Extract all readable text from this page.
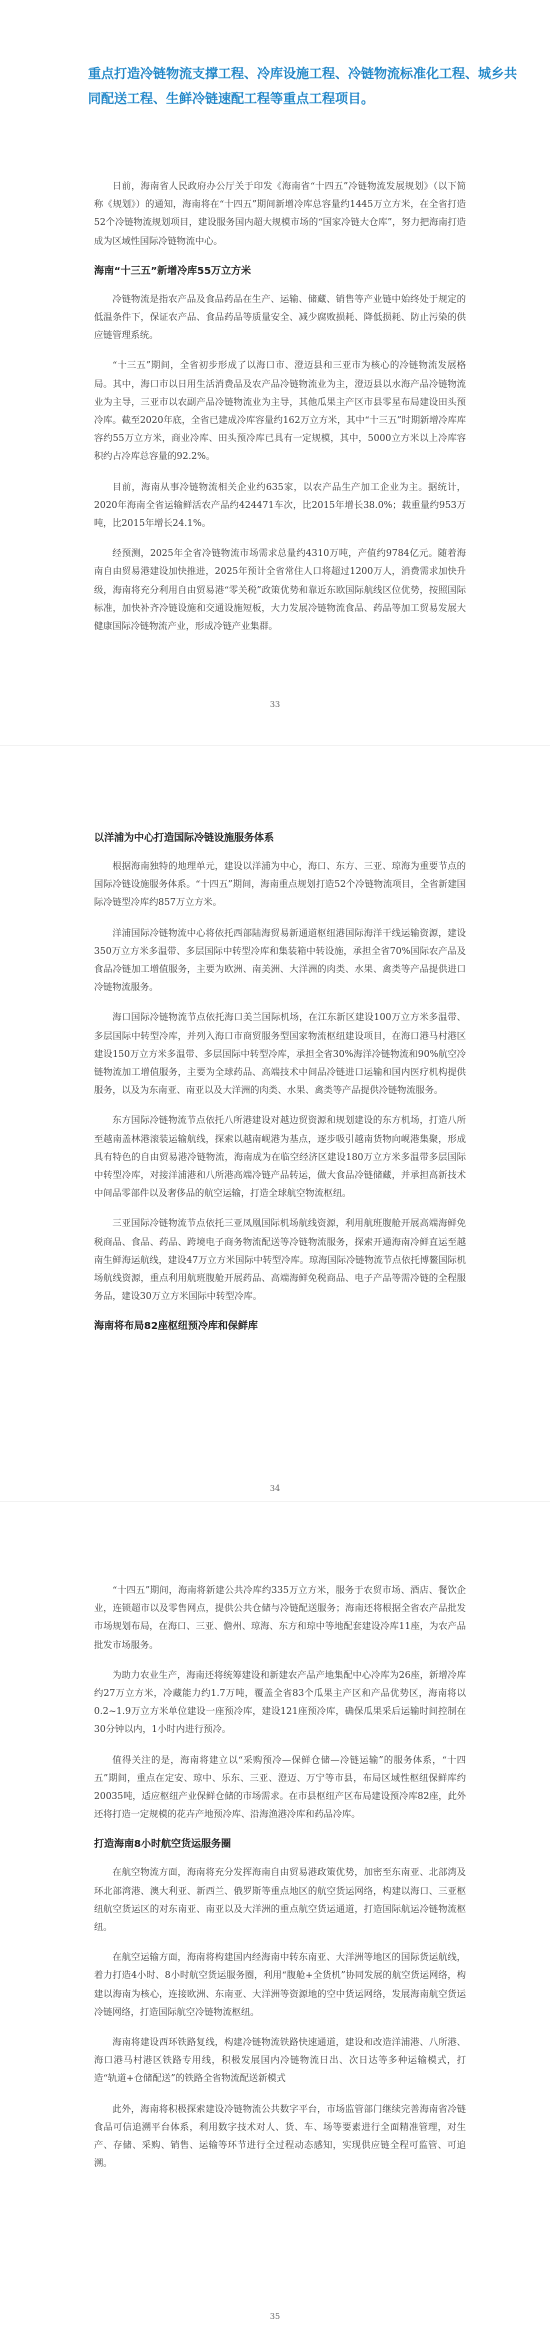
重点打造冷链物流支撑工程、冷库设施工程、冷链物流标准化工程、城乡共同配送工程、生鲜冷链速配工程等重点工程项目。

日前，海南省人民政府办公厅关于印发《海南省“十四五”冷链物流发展规划》（以下简称《规划》）的通知，海南将在“十四五”期间新增冷库总容量约1445万立方米，在全省打造52个冷链物流规划项目，建设服务国内超大规模市场的“国家冷链大仓库”，努力把海南打造成为区域性国际冷链物流中心。

海南“十三五”新增冷库55万立方米

冷链物流是指农产品及食品药品在生产、运输、储藏、销售等产业链中始终处于规定的低温条件下，保证农产品、食品药品等质量安全、减少腐败损耗、降低损耗、防止污染的供应链管理系统。

“十三五”期间，全省初步形成了以海口市、澄迈县和三亚市为核心的冷链物流发展格局。其中，海口市以日用生活消费品及农产品冷链物流业为主，澄迈县以水海产品冷链物流业为主导，三亚市以农副产品冷链物流业为主导，其他瓜果主产区市县零星布局建设田头预冷库。截至2020年底，全省已建成冷库容量约162万立方米，其中“十三五”时期新增冷库库容约55万立方米，商业冷库、田头预冷库已具有一定规模，其中，5000立方米以上冷库容积约占冷库总容量的92.2%。

目前，海南从事冷链物流相关企业约635家，以农产品生产加工企业为主。据统计，2020年海南全省运输鲜活农产品约424471车次，比2015年增长38.0%；载重量约953万吨，比2015年增长24.1%。

经预测，2025年全省冷链物流市场需求总量约4310万吨，产值约9784亿元。随着海南自由贸易港建设加快推进，2025年预计全省常住人口将超过1200万人，消费需求加快升级，海南将充分利用自由贸易港“零关税”政策优势和靠近东欧国际航线区位优势，按照国际标准，加快补齐冷链设施和交通设施短板，大力发展冷链物流食品、药品等加工贸易发展大健康国际冷链物流产业，形成冷链产业集群。

33
以洋浦为中心打造国际冷链设施服务体系

根据海南独特的地理单元，建设以洋浦为中心，海口、东方、三亚、琼海为重要节点的国际冷链设施服务体系。“十四五”期间，海南重点规划打造52个冷链物流项目，全省新建国际冷链型冷库约857万立方米。

洋浦国际冷链物流中心将依托西部陆海贸易新通道枢纽港国际海洋干线运输资源，建设350万立方米多温带、多层国际中转型冷库和集装箱中转设施，承担全省70%国际农产品及食品冷链加工增值服务，主要为欧洲、南美洲、大洋洲的肉类、水果、禽类等产品提供进口冷链物流服务。

海口国际冷链物流节点依托海口美兰国际机场，在江东新区建设100万立方米多温带、多层国际中转型冷库，并列入海口市商贸服务型国家物流枢纽建设项目，在海口港马村港区建设150万立方米多温带、多层国际中转型冷库，承担全省30%海洋冷链物流和90%航空冷链物流加工增值服务，主要为全球药品、高端技术中间品冷链进口运输和国内医疗机构提供服务，以及为东南亚、南亚以及大洋洲的肉类、水果、禽类等产品提供冷链物流服务。

东方国际冷链物流节点依托八所港建设对越边贸资源和规划建设的东方机场，打造八所至越南盖林港滚装运输航线，探索以越南岘港为基点，逐步吸引越南货物向岘港集聚，形成具有特色的自由贸易港冷链物流，海南成为在临空经济区建设180万立方米多温带多层国际中转型冷库，对接洋浦港和八所港高端冷链产品转运，做大食品冷链储藏，并承担高新技术中间品零部件以及奢侈品的航空运输，打造全球航空物流枢纽。

三亚国际冷链物流节点依托三亚凤凰国际机场航线资源，利用航班腹舱开展高端海鲜免税商品、食品、药品、跨境电子商务物流配送等冷链物流服务，探索开通海南冷鲜直运至越南生鲜海运航线，建设47万立方米国际中转型冷库。琼海国际冷链物流节点依托博鳌国际机场航线资源，重点利用航班腹舱开展药品、高端海鲜免税商品、电子产品等需冷链的全程服务品，建设30万立方米国际中转型冷库。

海南将布局82座枢纽预冷库和保鲜库
34

“十四五”期间，海南将新建公共冷库约335万立方米，服务于农贸市场、酒店、餐饮企业，连锁超市以及零售网点，提供公共仓储与冷链配送服务；海南还将根据全省农产品批发市场规划布局，在海口、三亚、儋州、琼海、东方和琼中等地配套建设冷库11座，为农产品批发市场服务。

为助力农业生产，海南还将统筹建设和新建农产品产地集配中心冷库为26座，新增冷库约27万立方米，冷藏能力约1.7万吨，覆盖全省83个瓜果主产区和产品优势区，海南将以0.2~1.9万立方米单位建设一座预冷库，建设121座预冷库，确保瓜果采后运输时间控制在30分钟以内，1小时内进行预冷。

值得关注的是，海南将建立以“采购预冷—保鲜仓储—冷链运输”的服务体系，“十四五”期间，重点在定安、琼中、乐东、三亚、澄迈、万宁等市县，布局区域性枢纽保鲜库约20035吨，适应枢纽产业保鲜仓储的市场需求。在市县枢纽产区布局建设预冷库82座，此外还将打造一定规模的花卉产地预冷库、沿海渔港冷库和药品冷库。

打造海南8小时航空货运服务圈

在航空物流方面，海南将充分发挥海南自由贸易港政策优势，加密至东南亚、北部湾及环北部湾港、澳大利亚、新西兰、俄罗斯等重点地区的航空货运网络，构建以海口、三亚枢纽航空货运区的对东南亚、南亚以及大洋洲的重点航空货运通道，打造国际航运冷链物流枢纽。

在航空运输方面，海南将构建国内经海南中转东南亚、大洋洲等地区的国际货运航线，着力打造4小时、8小时航空货运服务圈，利用“腹舱+全货机”协同发展的航空货运网络，构建以海南为核心，连接欧洲、东南亚、大洋洲等资源地的空中货运网络，发展海南航空货运冷链网络，打造国际航空冷链物流枢纽。

海南将建设西环铁路复线，构建冷链物流铁路快速通道，建设和改造洋浦港、八所港、海口港马村港区铁路专用线，积极发展国内冷链物流日出、次日达等多种运输模式，打造“轨道+仓储配送”的铁路全省物流配送新模式

此外，海南将积极探索建设冷链物流公共数字平台，市场监管部门继续完善海南省冷链食品可信追溯平台体系，利用数字技术对人、货、车、场等要素进行全面精准管理，对生产、存储、采购、销售、运输等环节进行全过程动态感知，实现供应链全程可监管、可追溯。

35
